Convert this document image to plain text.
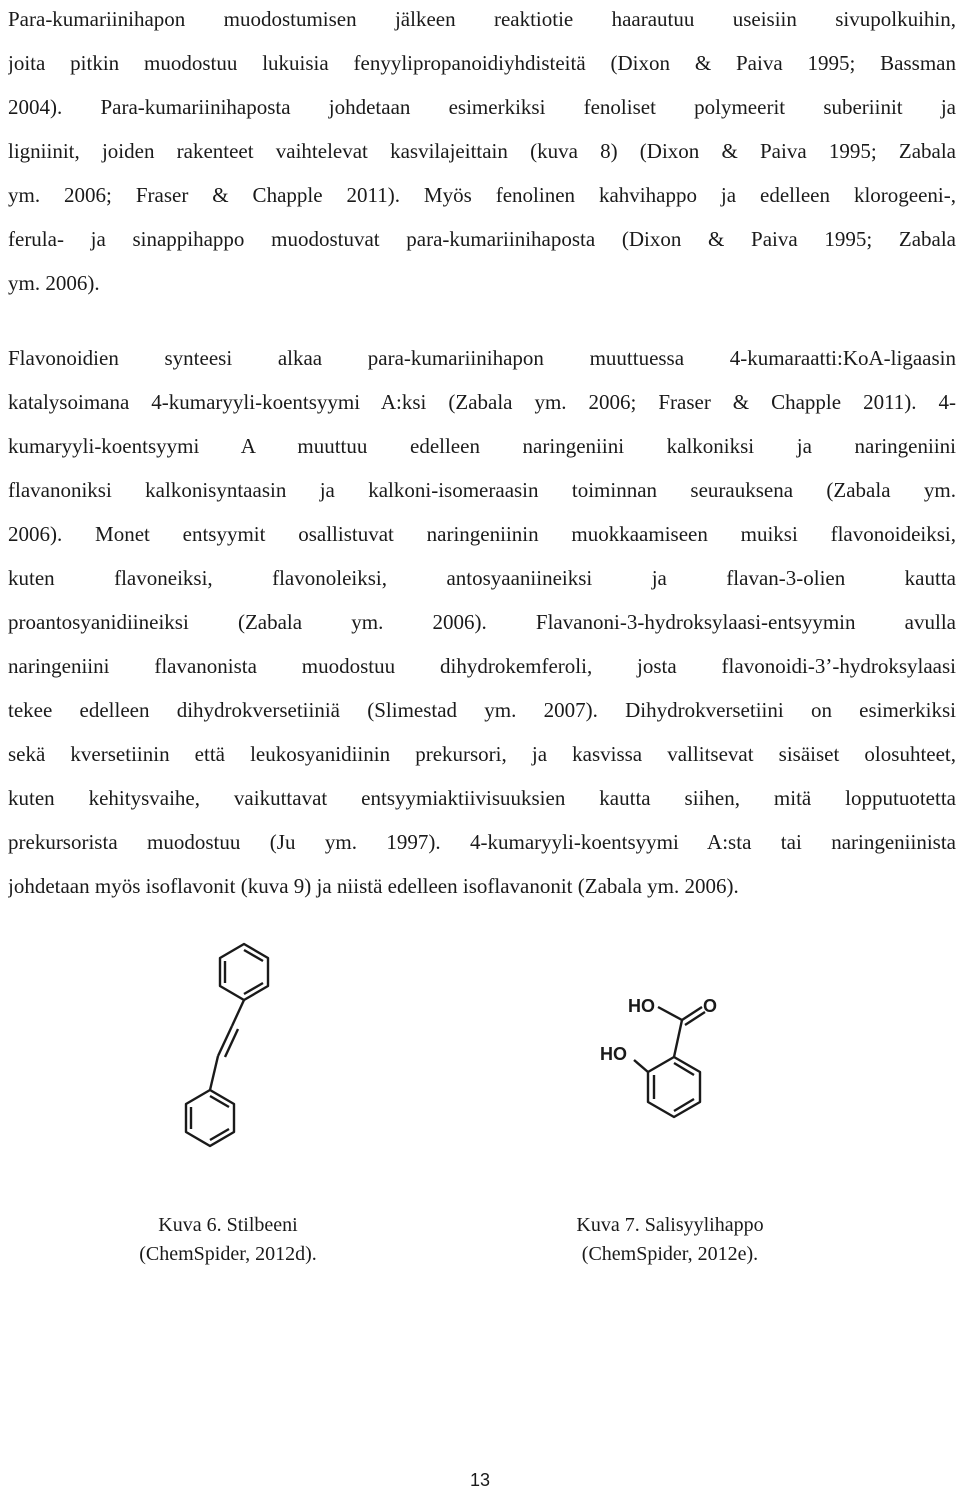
Para-kumariinihapon muodostumisen jälkeen reaktiotie haarautuu useisiin sivupolkuihin,
joita pitkin muodostuu lukuisia fenyylipropanoidiyhdisteitä (Dixon & Paiva 1995; Bassman
2004). Para-kumariinihaposta johdetaan esimerkiksi fenoliset polymeerit suberiinit ja
ligniinit, joiden rakenteet vaihtelevat kasvilajeittain (kuva 8) (Dixon & Paiva 1995; Zabala
ym. 2006; Fraser & Chapple 2011). Myös fenolinen kahvihappo ja edelleen klorogeeni-,
ferula- ja sinappihappo muodostuvat para-kumariinihaposta (Dixon & Paiva 1995; Zabala
ym. 2006).
Flavonoidien synteesi alkaa para-kumariinihapon muuttuessa 4-kumaraatti:KoA-ligaasin
katalysoimana 4-kumaryyli-koentsyymi A:ksi (Zabala ym. 2006; Fraser & Chapple 2011). 4-
kumaryyli-koentsyymi A muuttuu edelleen naringeniini kalkoniksi ja naringeniini
flavanoniksi kalkonisyntaasin ja kalkoni-isomeraasin toiminnan seurauksena (Zabala ym.
2006). Monet entsyymit osallistuvat naringeniinin muokkaamiseen muiksi flavonoideiksi,
kuten flavoneiksi, flavonoleiksi, antosyaaniineiksi ja flavan-3-olien kautta
proantosyanidiineiksi (Zabala ym. 2006). Flavanoni-3-hydroksylaasi-entsyymin avulla
naringeniini flavanonista muodostuu dihydrokemferoli, josta flavonoidi-3’-hydroksylaasi
tekee edelleen dihydrokversetiiniä (Slimestad ym. 2007). Dihydrokversetiini on esimerkiksi
sekä kversetiinin että leukosyanidiinin prekursori, ja kasvissa vallitsevat sisäiset olosuhteet,
kuten kehitysvaihe, vaikuttavat entsyymiaktiivisuuksien kautta siihen, mitä lopputuotetta
prekursorista muodostuu (Ju ym. 1997). 4-kumaryyli-koentsyymi A:sta tai naringeniinista
johdetaan myös isoflavonit (kuva 9) ja niistä edelleen isoflavanonit (Zabala ym. 2006).
HO	O
HO
Kuva 6. Stilbeeni
(ChemSpider, 2012d).
Kuva 7. Salisyylihappo
(ChemSpider, 2012e).
13
